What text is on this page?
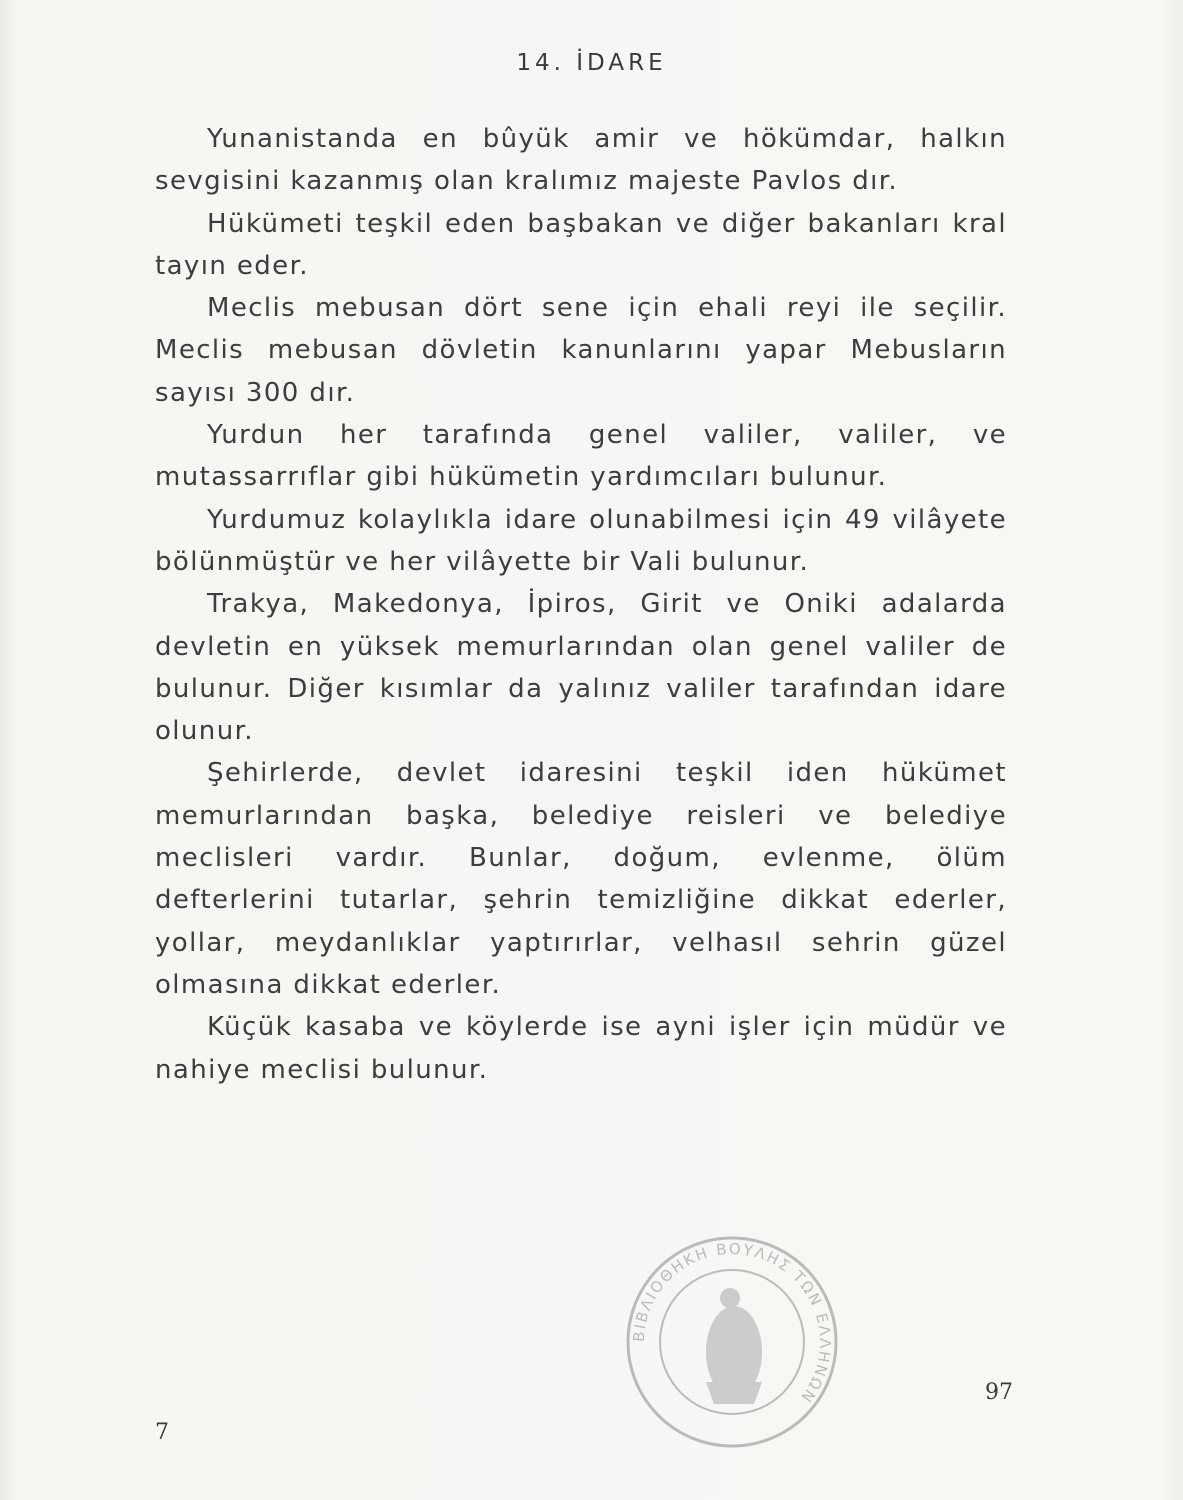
14. İDARE

Yunanistanda en bûyük amir ve hökümdar, halkın sevgisini kazanmış olan kralımız majeste Pavlos dır.

Hükümeti teşkil eden başbakan ve diğer bakanları kral tayın eder.

Meclis mebusan dört sene için ehali reyi ile seçilir. Meclis mebusan dövletin kanunlarını yapar Mebusların sayısı 300 dır.

Yurdun her tarafında genel valiler, valiler, ve mutassarrıflar gibi hükümetin yardımcıları bulunur.

Yurdumuz kolaylıkla idare olunabilmesi için 49 vilâyete bölünmüştür ve her vilâyette bir Vali bulunur.

Trakya, Makedonya, İpiros, Girit ve Oniki adalarda devletin en yüksek memurlarından olan genel valiler de bulunur. Diğer kısımlar da yalınız valiler tarafından idare olunur.

Şehirlerde, devlet idaresini teşkil iden hükümet memurlarından başka, belediye reisleri ve belediye meclisleri vardır. Bunlar, doğum, evlenme, ölüm defterlerini tutarlar, şehrin temizliğine dikkat ederler, yollar, meydanlıklar yaptırırlar, velhasıl sehrin güzel olmasına dikkat ederler.

Küçük kasaba ve köylerde ise ayni işler için müdür ve nahiye meclisi bulunur.

ΒΙΒΛΙΟΘΗΚΗ ΒΟΥΛΗΣ ΤΩΝ ΕΛΛΗΝΩΝ	97
7
